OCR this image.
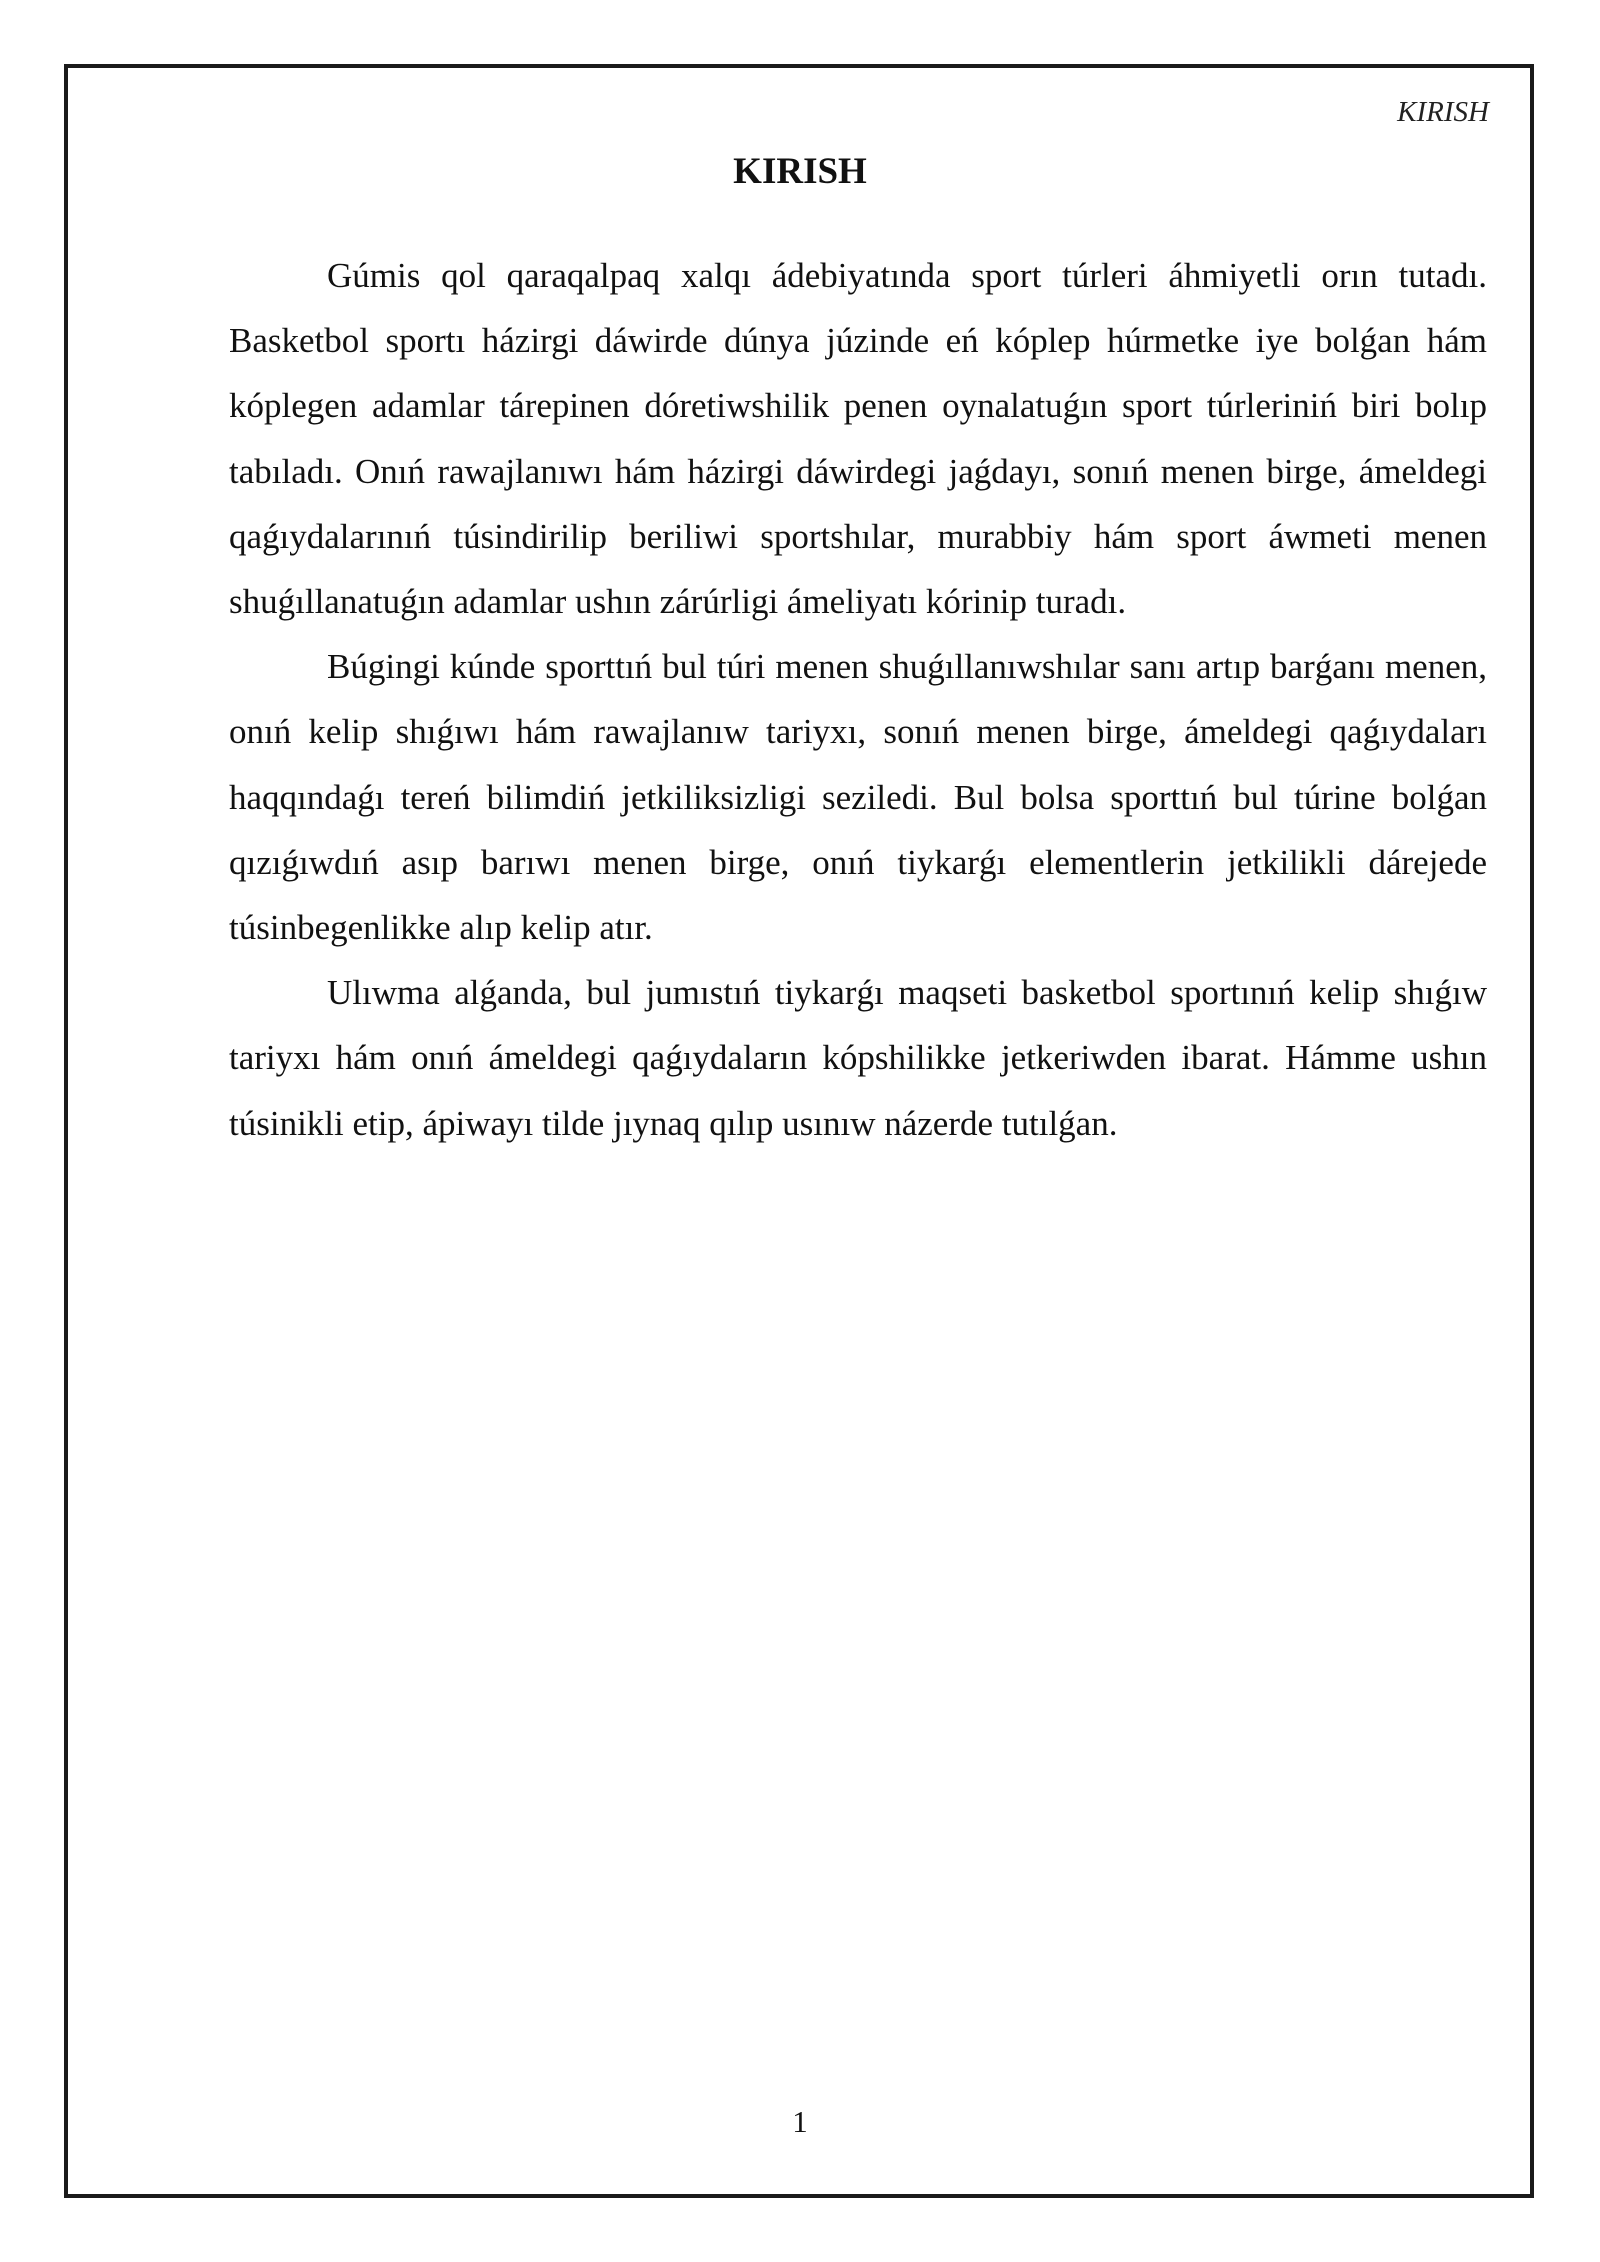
KIRISH
KIRISH

Gúmis qol qaraqalpaq xalqı ádebiyatında sport túrleri áhmiyetli orın tutadı. Basketbol sportı házirgi dáwirde dúnya júzinde eń kóplep húrmetke iye bolǵan hám kóplegen adamlar tárepinen dóretiwshilik penen oynalatuǵın sport túrleriniń biri bolıp tabıladı. Onıń rawajlanıwı hám házirgi dáwirdegi jaǵdayı, sonıń menen birge, ámeldegi qaǵıydalarınıń túsindirilip beriliwi sportshılar, murabbiy hám sport áwmeti menen shuǵıllanatuǵın adamlar ushın zárúrligi ámeliyatı kórinip turadı.

Búgingi kúnde sporttıń bul túri menen shuǵıllanıwshılar sanı artıp barǵanı menen, onıń kelip shıǵıwı hám rawajlanıw tariyxı, sonıń menen birge, ámeldegi qaǵıydaları haqqındaǵı tereń bilimdiń jetkiliksizligi seziledi. Bul bolsa sporttıń bul túrine bolǵan qızıǵıwdıń asıp barıwı menen birge, onıń tiykarǵı elementlerin jetkilikli dárejede túsinbegenlikke alıp kelip atır.

Ulıwma alǵanda, bul jumıstıń tiykarǵı maqseti basketbol sportınıń kelip shıǵıw tariyxı hám onıń ámeldegi qaǵıydaların kópshilikke jetkeriwden ibarat. Hámme ushın túsinikli etip, ápiwayı tilde jıynaq qılıp usınıw názerde tutılǵan.

1
